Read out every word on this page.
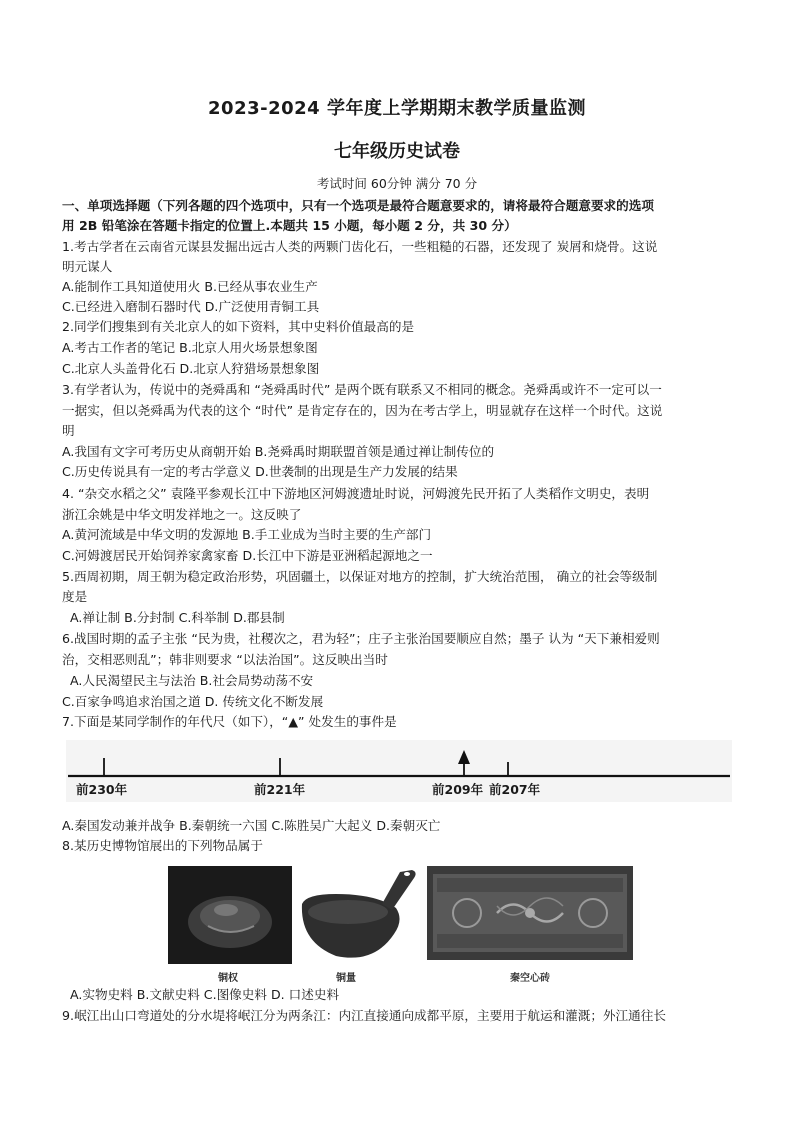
2023-2024 学年度上学期期末教学质量监测
七年级历史试卷
考试时间 60分钟 满分 70 分
一、单项选择题（下列各题的四个选项中，只有一个选项是最符合题意要求的，请将最符合题意要求的选项
用 2B 铅笔涂在答题卡指定的位置上.本题共 15 小题，每小题 2 分，共 30 分）
1.考古学者在云南省元谋县发掘出远古人类的两颗门齿化石，一些粗糙的石器，还发现了 炭屑和烧骨。这说
明元谋人
A.能制作工具知道使用火 B.已经从事农业生产
C.已经进入磨制石器时代 D.广泛使用青铜工具
2.同学们搜集到有关北京人的如下资料，其中史料价值最高的是
A.考古工作者的笔记 B.北京人用火场景想象图
C.北京人头盖骨化石 D.北京人狩猎场景想象图
3.有学者认为，传说中的尧舜禹和 “尧舜禹时代” 是两个既有联系又不相同的概念。尧舜禹或许不一定可以一
一据实，但以尧舜禹为代表的这个 “时代” 是肯定存在的，因为在考古学上，明显就存在这样一个时代。这说
明
A.我国有文字可考历史从商朝开始 B.尧舜禹时期联盟首领是通过禅让制传位的
C.历史传说具有一定的考古学意义 D.世袭制的出现是生产力发展的结果
4. “杂交水稻之父” 袁隆平参观长江中下游地区河姆渡遗址时说，河姆渡先民开拓了人类稻作文明史，表明
浙江余姚是中华文明发祥地之一。这反映了
A.黄河流域是中华文明的发源地 B.手工业成为当时主要的生产部门
C.河姆渡居民开始饲养家禽家畜 D.长江中下游是亚洲稻起源地之一
5.西周初期，周王朝为稳定政治形势，巩固疆土，以保证对地方的控制，扩大统治范围， 确立的社会等级制
度是
A.禅让制 B.分封制 C.科举制 D.郡县制
6.战国时期的孟子主张 “民为贵，社稷次之，君为轻”；庄子主张治国要顺应自然；墨子 认为 “天下兼相爱则
治，交相恶则乱”；韩非则要求 “以法治国”。这反映出当时
A.人民渴望民主与法治 B.社会局势动荡不安
C.百家争鸣追求治国之道 D. 传统文化不断发展
7.下面是某同学制作的年代尺（如下），“▲” 处发生的事件是
前230年	前221年	前209年 前207年
A.秦国发动兼并战争 B.秦朝统一六国 C.陈胜吴广大起义 D.秦朝灭亡
8.某历史博物馆展出的下列物品属于
铜权	铜量	秦空心砖
A.实物史料 B.文献史料 C.图像史料 D. 口述史料
9.岷江出山口弯道处的分水堤将岷江分为两条江：内江直接通向成都平原，主要用于航运和灌溉；外江通往长
